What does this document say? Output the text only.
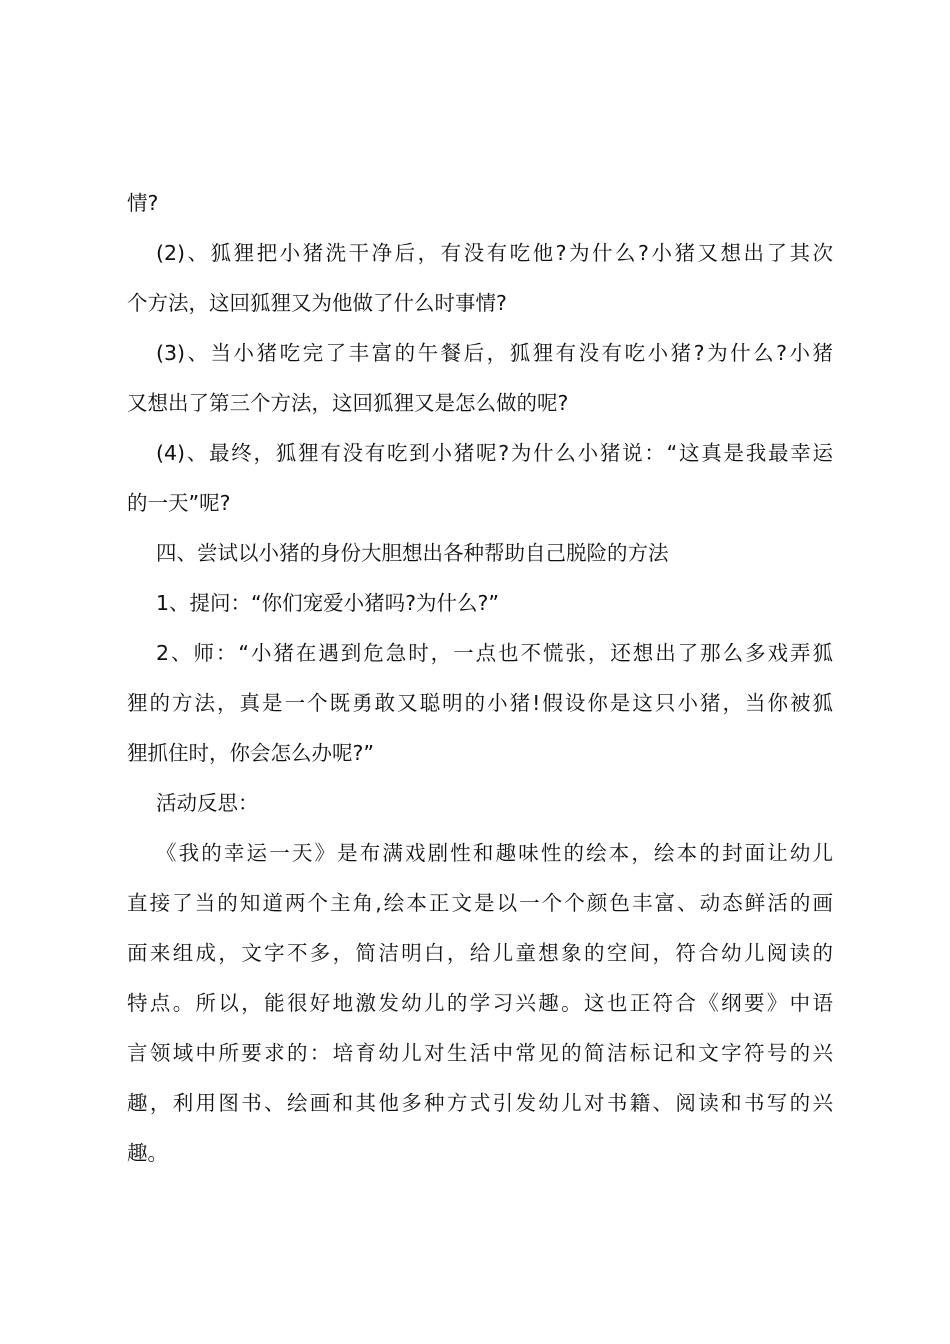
情?
(2)、狐狸把小猪洗干净后，有没有吃他?为什么?小猪又想出了其次
个方法，这回狐狸又为他做了什么时事情?
(3)、当小猪吃完了丰富的午餐后，狐狸有没有吃小猪?为什么?小猪
又想出了第三个方法，这回狐狸又是怎么做的呢?
(4)、最终，狐狸有没有吃到小猪呢?为什么小猪说：“这真是我最幸运
的一天”呢?
四、尝试以小猪的身份大胆想出各种帮助自己脱险的方法
1、提问：“你们宠爱小猪吗?为什么?”
2、师：“小猪在遇到危急时，一点也不慌张，还想出了那么多戏弄狐
狸的方法，真是一个既勇敢又聪明的小猪!假设你是这只小猪，当你被狐
狸抓住时，你会怎么办呢?”
活动反思：
《我的幸运一天》是布满戏剧性和趣味性的绘本，绘本的封面让幼儿
直接了当的知道两个主角,绘本正文是以一个个颜色丰富、动态鲜活的画
面来组成，文字不多，简洁明白，给儿童想象的空间，符合幼儿阅读的
特点。所以，能很好地激发幼儿的学习兴趣。这也正符合《纲要》中语
言领域中所要求的：培育幼儿对生活中常见的简洁标记和文字符号的兴
趣，利用图书、绘画和其他多种方式引发幼儿对书籍、阅读和书写的兴
趣。
